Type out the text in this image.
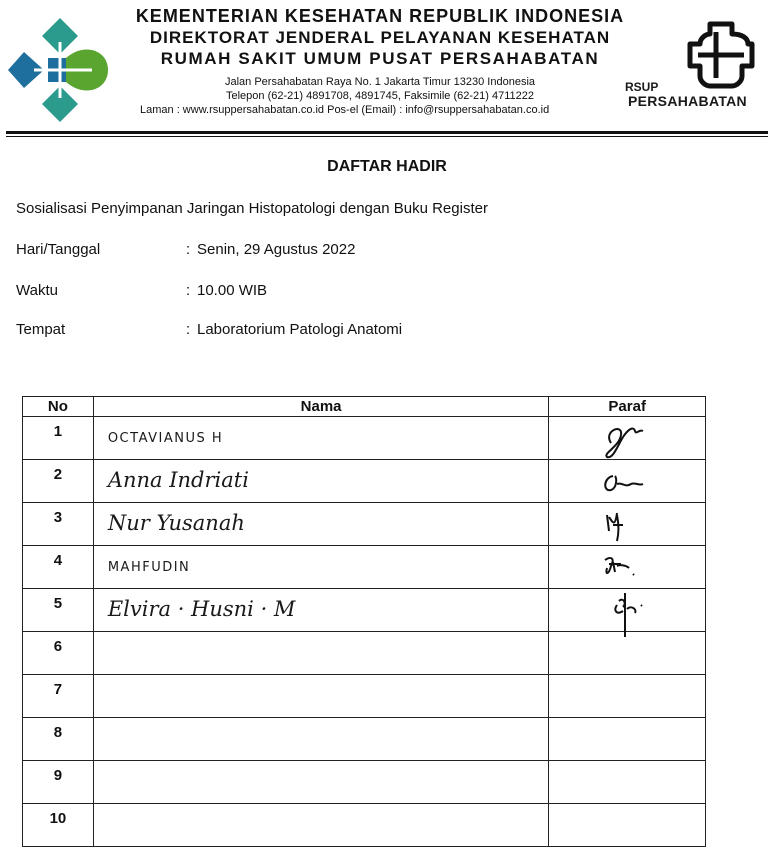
KEMENTERIAN KESEHATAN REPUBLIK INDONESIA
DIREKTORAT JENDERAL PELAYANAN KESEHATAN
RUMAH SAKIT UMUM PUSAT PERSAHABATAN
Jalan Persahabatan Raya No. 1 Jakarta Timur 13230 Indonesia
Telepon (62-21) 4891708, 4891745, Faksimile (62-21) 4711222
Laman : www.rsuppersahabatan.co.id Pos-el (Email) : info@rsuppersahabatan.co.id
RSUP
PERSAHABATAN
DAFTAR HADIR
Sosialisasi Penyimpanan Jaringan Histopatologi dengan Buku Register
Hari/Tanggal	: Senin, 29 Agustus 2022
Waktu	: 10.00 WIB
Tempat	: Laboratorium Patologi Anatomi
No	Nama	Paraf
1	OCTAVIANUS H

2	Anna Indriati

3	Nur Yusanah

4	MAHFUDIN

5	Elvira · Husni · M

6		
7		
8		
9		
10		
